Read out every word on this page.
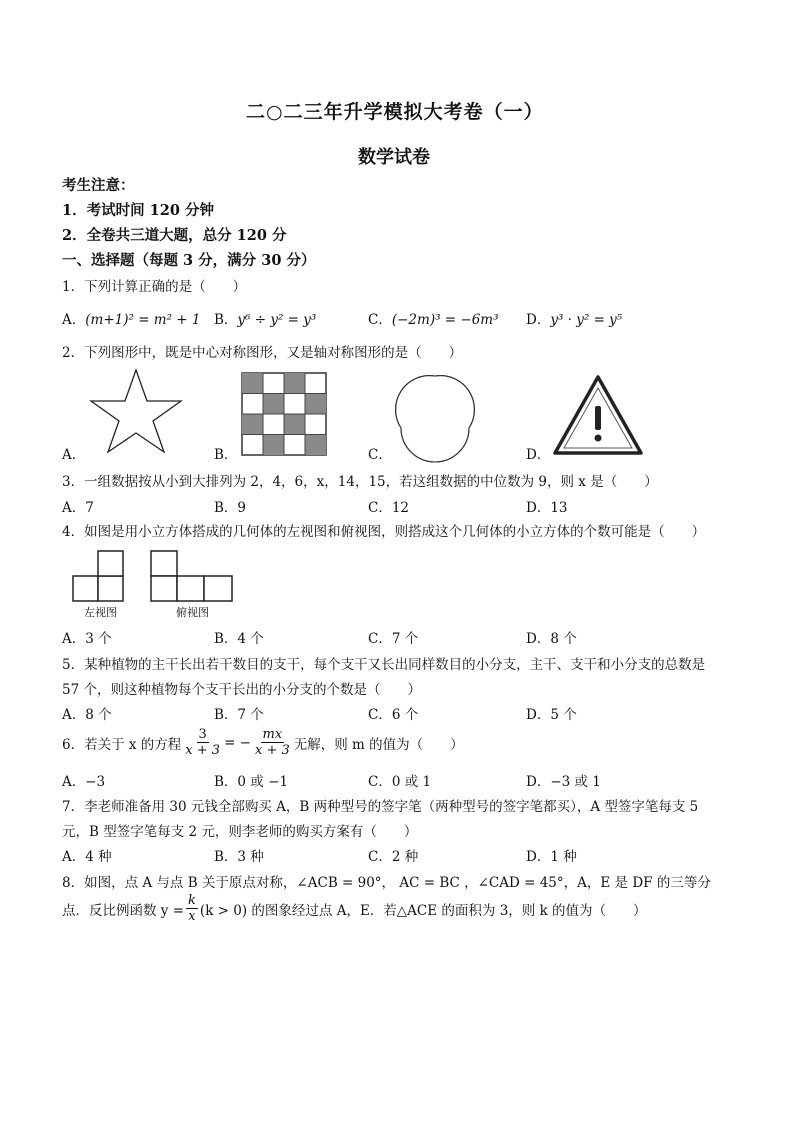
二○二三年升学模拟大考卷（一）
数学试卷
考生注意：
1．考试时间 120 分钟
2．全卷共三道大题，总分 120 分
一、选择题（每题 3 分，满分 30 分）
1．下列计算正确的是（　　）
A．(m+1)² = m² + 1 B．y⁶ ÷ y² = y³	C．(−2m)³ = −6m³ D．y³ · y² = y⁵
2．下列图形中，既是中心对称图形，又是轴对称图形的是（　　）
A．	B．	C．	D．
3．一组数据按从小到大排列为 2，4，6，x，14，15，若这组数据的中位数为 9，则 x 是（　　）
A．7	B．9	C．12	D．13
4．如图是用小立方体搭成的几何体的左视图和俯视图，则搭成这个几何体的小立方体的个数可能是（　　）
左视图	俯视图
A．3 个	B．4 个	C．7 个	D．8 个
5．某种植物的主干长出若干数目的支干，每个支干又长出同样数目的小分支，主干、支干和小分支的总数是
57 个，则这种植物每个支干长出的小分支的个数是（　　）
A．8 个	B．7 个	C．6 个	D．5 个
6．若关于 x 的方程 $\frac{3}{x + 3}$ = − $\frac{mx}{x + 3}$ 无解，则 m 的值为（　　）
A．−3	B．0 或 −1	C．0 或 1	D．−3 或 1
7．李老师准备用 30 元钱全部购买 A，B 两种型号的签字笔（两种型号的签字笔都买），A 型签字笔每支 5
元，B 型签字笔每支 2 元，则李老师的购买方案有（　　）
A．4 种	B．3 种	C．2 种	D．1 种
8．如图，点 A 与点 B 关于原点对称，∠ACB = 90°， AC = BC ，∠CAD = 45°，A，E 是 DF 的三等分
点．反比例函数 $y = \frac{k}{x} (k > 0)$ 的图象经过点 A，E．若△ACE 的面积为 3，则 k 的值为（　　）
